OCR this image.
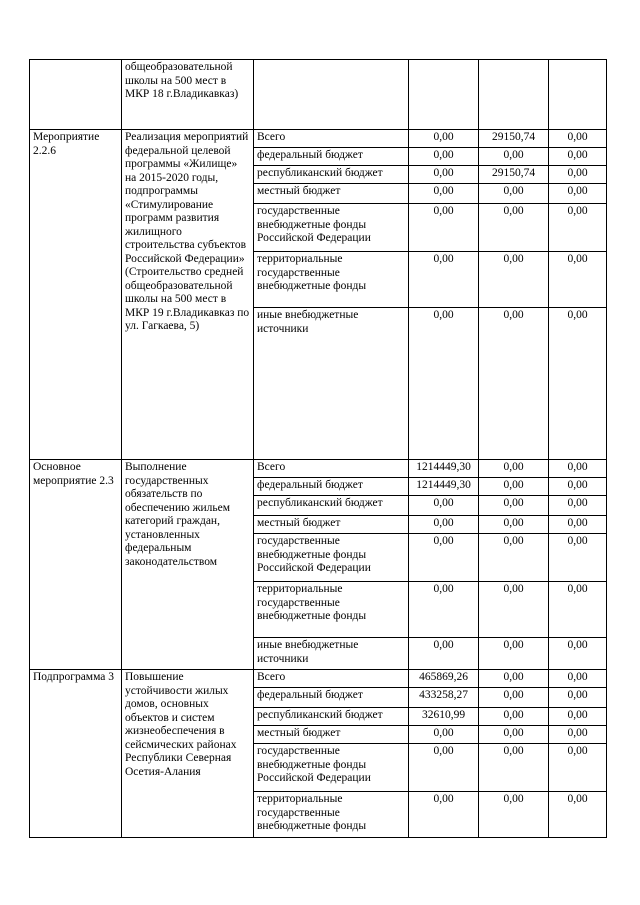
	общеобразовательной школы на 500 мест в МКР 18 г.Владикавказ)				

Мероприятие 2.2.6	Реализация мероприятий федеральной целевой программы «Жилище» на 2015-2020 годы, подпрограммы «Стимулирование программ развития жилищного строительства субъектов Российской Федерации» (Строительство средней общеобразовательной школы на 500 мест в МКР 19 г.Владикавказ по ул. Гагкаева, 5)	Всего	0,00	29150,74	0,00
		федеральный бюджет	0,00	0,00	0,00
		республиканский бюджет	0,00	29150,74	0,00
		местный бюджет	0,00	0,00	0,00
		государственные внебюджетные фонды Российской Федерации	0,00	0,00	0,00
		территориальные государственные внебюджетные фонды	0,00	0,00	0,00
		иные внебюджетные источники	0,00	0,00	0,00

Основное мероприятие 2.3	Выполнение государственных обязательств по обеспечению жильем категорий граждан, установленных федеральным законодательством	Всего	1214449,30	0,00	0,00
		федеральный бюджет	1214449,30	0,00	0,00
		республиканский бюджет	0,00	0,00	0,00
		местный бюджет	0,00	0,00	0,00
		государственные внебюджетные фонды Российской Федерации	0,00	0,00	0,00
		территориальные государственные внебюджетные фонды	0,00	0,00	0,00
		иные внебюджетные источники	0,00	0,00	0,00

Подпрограмма 3	Повышение устойчивости жилых домов, основных объектов и систем жизнеобеспечения в сейсмических районах Республики Северная Осетия-Алания	Всего	465869,26	0,00	0,00
		федеральный бюджет	433258,27	0,00	0,00
		республиканский бюджет	32610,99	0,00	0,00
		местный бюджет	0,00	0,00	0,00
		государственные внебюджетные фонды Российской Федерации	0,00	0,00	0,00
		территориальные государственные внебюджетные фонды	0,00	0,00	0,00
